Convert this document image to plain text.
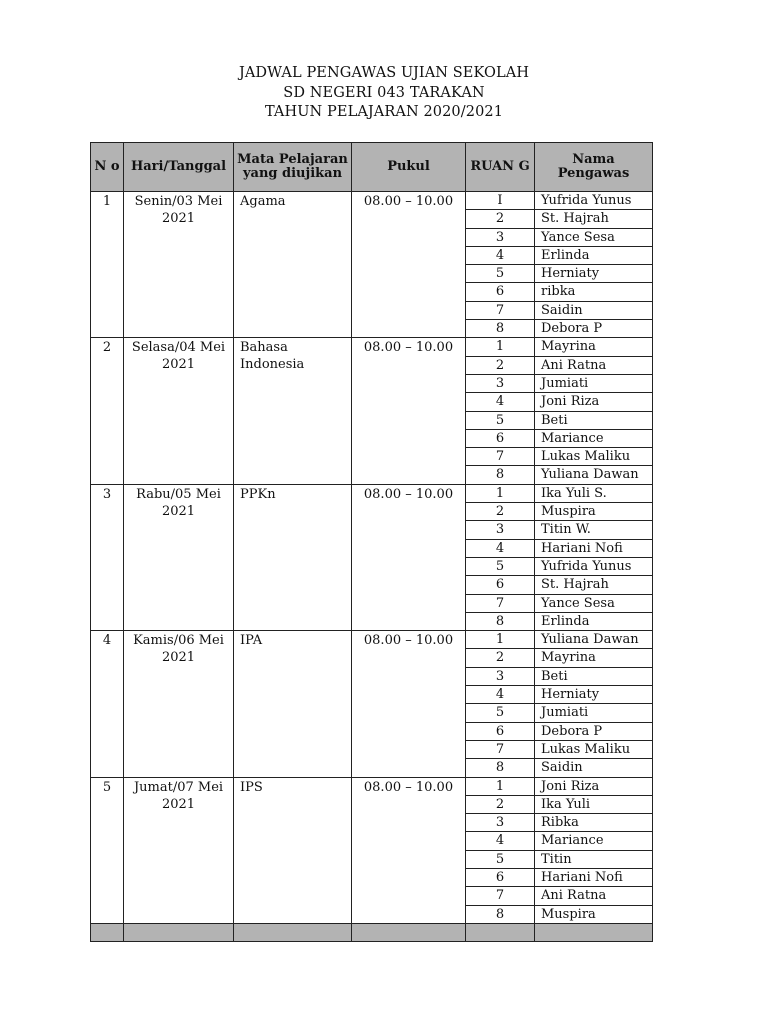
JADWAL PENGAWAS UJIAN SEKOLAH
SD NEGERI 043 TARAKAN
TAHUN PELAJARAN 2020/2021
N o	Hari/Tanggal	Mata Pelajaran yang diujikan	Pukul	RUAN G	Nama Pengawas
1	Senin/03 Mei 2021	Agama	08.00 – 10.00	I	Yufrida Yunus
				2	St. Hajrah
				3	Yance Sesa
				4	Erlinda
				5	Herniaty
				6	ribka
				7	Saidin
				8	Debora P
2	Selasa/04 Mei 2021	Bahasa Indonesia	08.00 – 10.00	1	Mayrina
				2	Ani Ratna
				3	Jumiati
				4	Joni Riza
				5	Beti
				6	Mariance
				7	Lukas Maliku
				8	Yuliana Dawan
3	Rabu/05 Mei 2021	PPKn	08.00 – 10.00	1	Ika Yuli S.
				2	Muspira
				3	Titin W.
				4	Hariani Nofi
				5	Yufrida Yunus
				6	St. Hajrah
				7	Yance Sesa
				8	Erlinda
4	Kamis/06 Mei 2021	IPA	08.00 – 10.00	1	Yuliana Dawan
				2	Mayrina
				3	Beti
				4	Herniaty
				5	Jumiati
				6	Debora P
				7	Lukas Maliku
				8	Saidin
5	Jumat/07 Mei 2021	IPS	08.00 – 10.00	1	Joni Riza
				2	Ika Yuli
				3	Ribka
				4	Mariance
				5	Titin
				6	Hariani Nofi
				7	Ani Ratna
				8	Muspira
